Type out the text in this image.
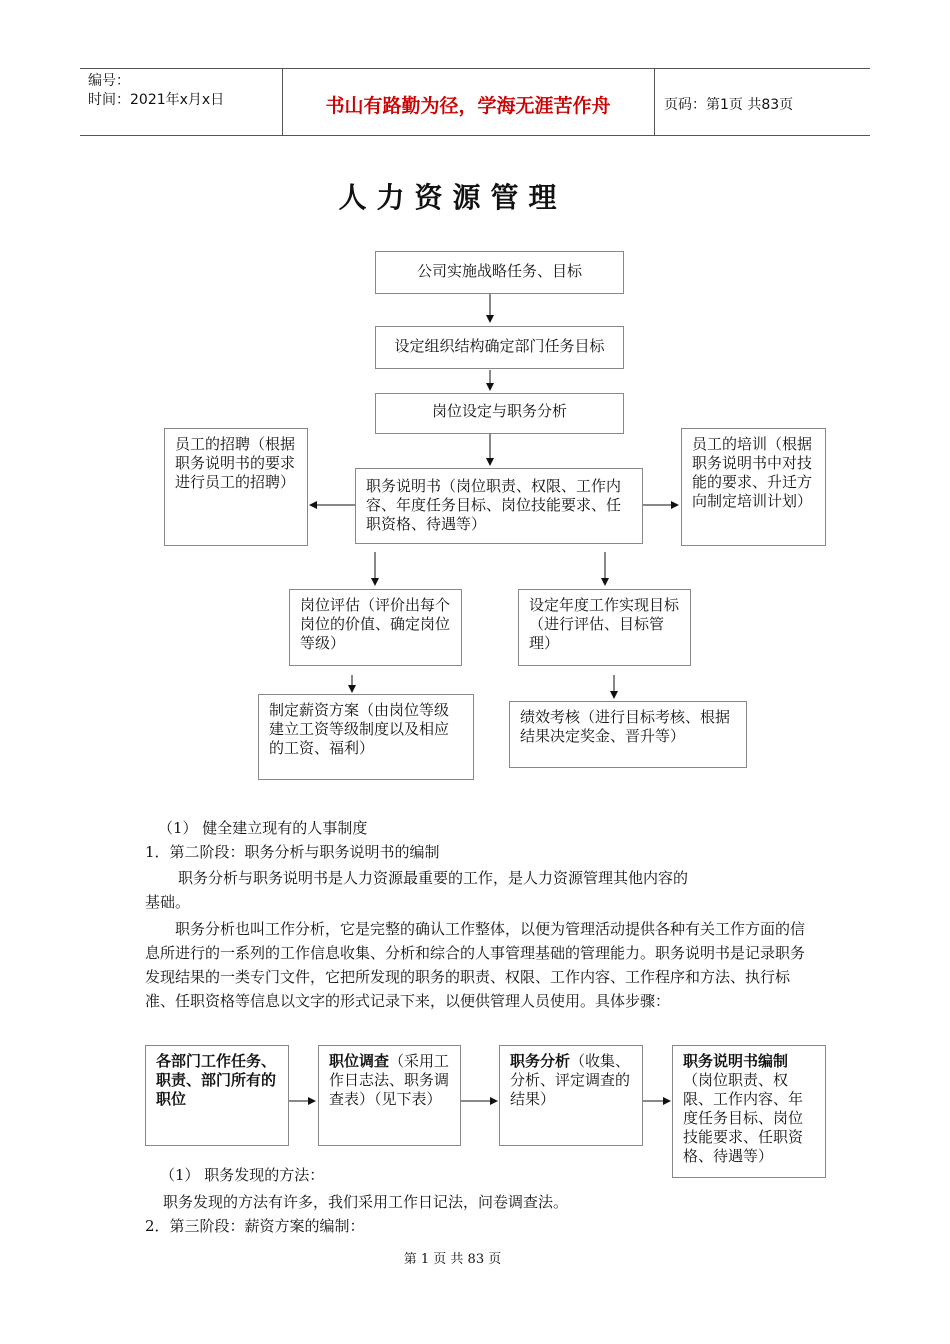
编号：
时间：2021年x月x日	书山有路勤为径，学海无涯苦作舟	页码：第1页 共83页
人力资源管理
公司实施战略任务、目标
设定组织结构确定部门任务目标
岗位设定与职务分析
职务说明书（岗位职责、权限、工作内容、年度任务目标、岗位技能要求、任职资格、待遇等）
员工的招聘（根据职务说明书的要求进行员工的招聘）
员工的培训（根据职务说明书中对技能的要求、升迁方向制定培训计划）
岗位评估（评价出每个岗位的价值、确定岗位等级）
设定年度工作实现目标（进行评估、目标管理）
制定薪资方案（由岗位等级建立工资等级制度以及相应的工资、福利）
绩效考核（进行目标考核、根据结果决定奖金、晋升等）
（1） 健全建立现有的人事制度
1．第二阶段：职务分析与职务说明书的编制
职务分析与职务说明书是人力资源最重要的工作，是人力资源管理其他内容的
基础。
职务分析也叫工作分析，它是完整的确认工作整体，以便为管理活动提供各种有关工作方面的信息所进行的一系列的工作信息收集、分析和综合的人事管理基础的管理能力。职务说明书是记录职务发现结果的一类专门文件，它把所发现的职务的职责、权限、工作内容、工作程序和方法、执行标准、任职资格等信息以文字的形式记录下来，以便供管理人员使用。具体步骤：
各部门工作任务、职责、部门所有的职位
职位调查（采用工作日志法、职务调查表）（见下表）
职务分析（收集、分析、评定调查的结果）
职务说明书编制（岗位职责、权限、工作内容、年度任务目标、岗位技能要求、任职资格、待遇等）
（1） 职务发现的方法：
职务发现的方法有许多，我们采用工作日记法，问卷调查法。
2．第三阶段：薪资方案的编制：
第 1 页 共 83 页
